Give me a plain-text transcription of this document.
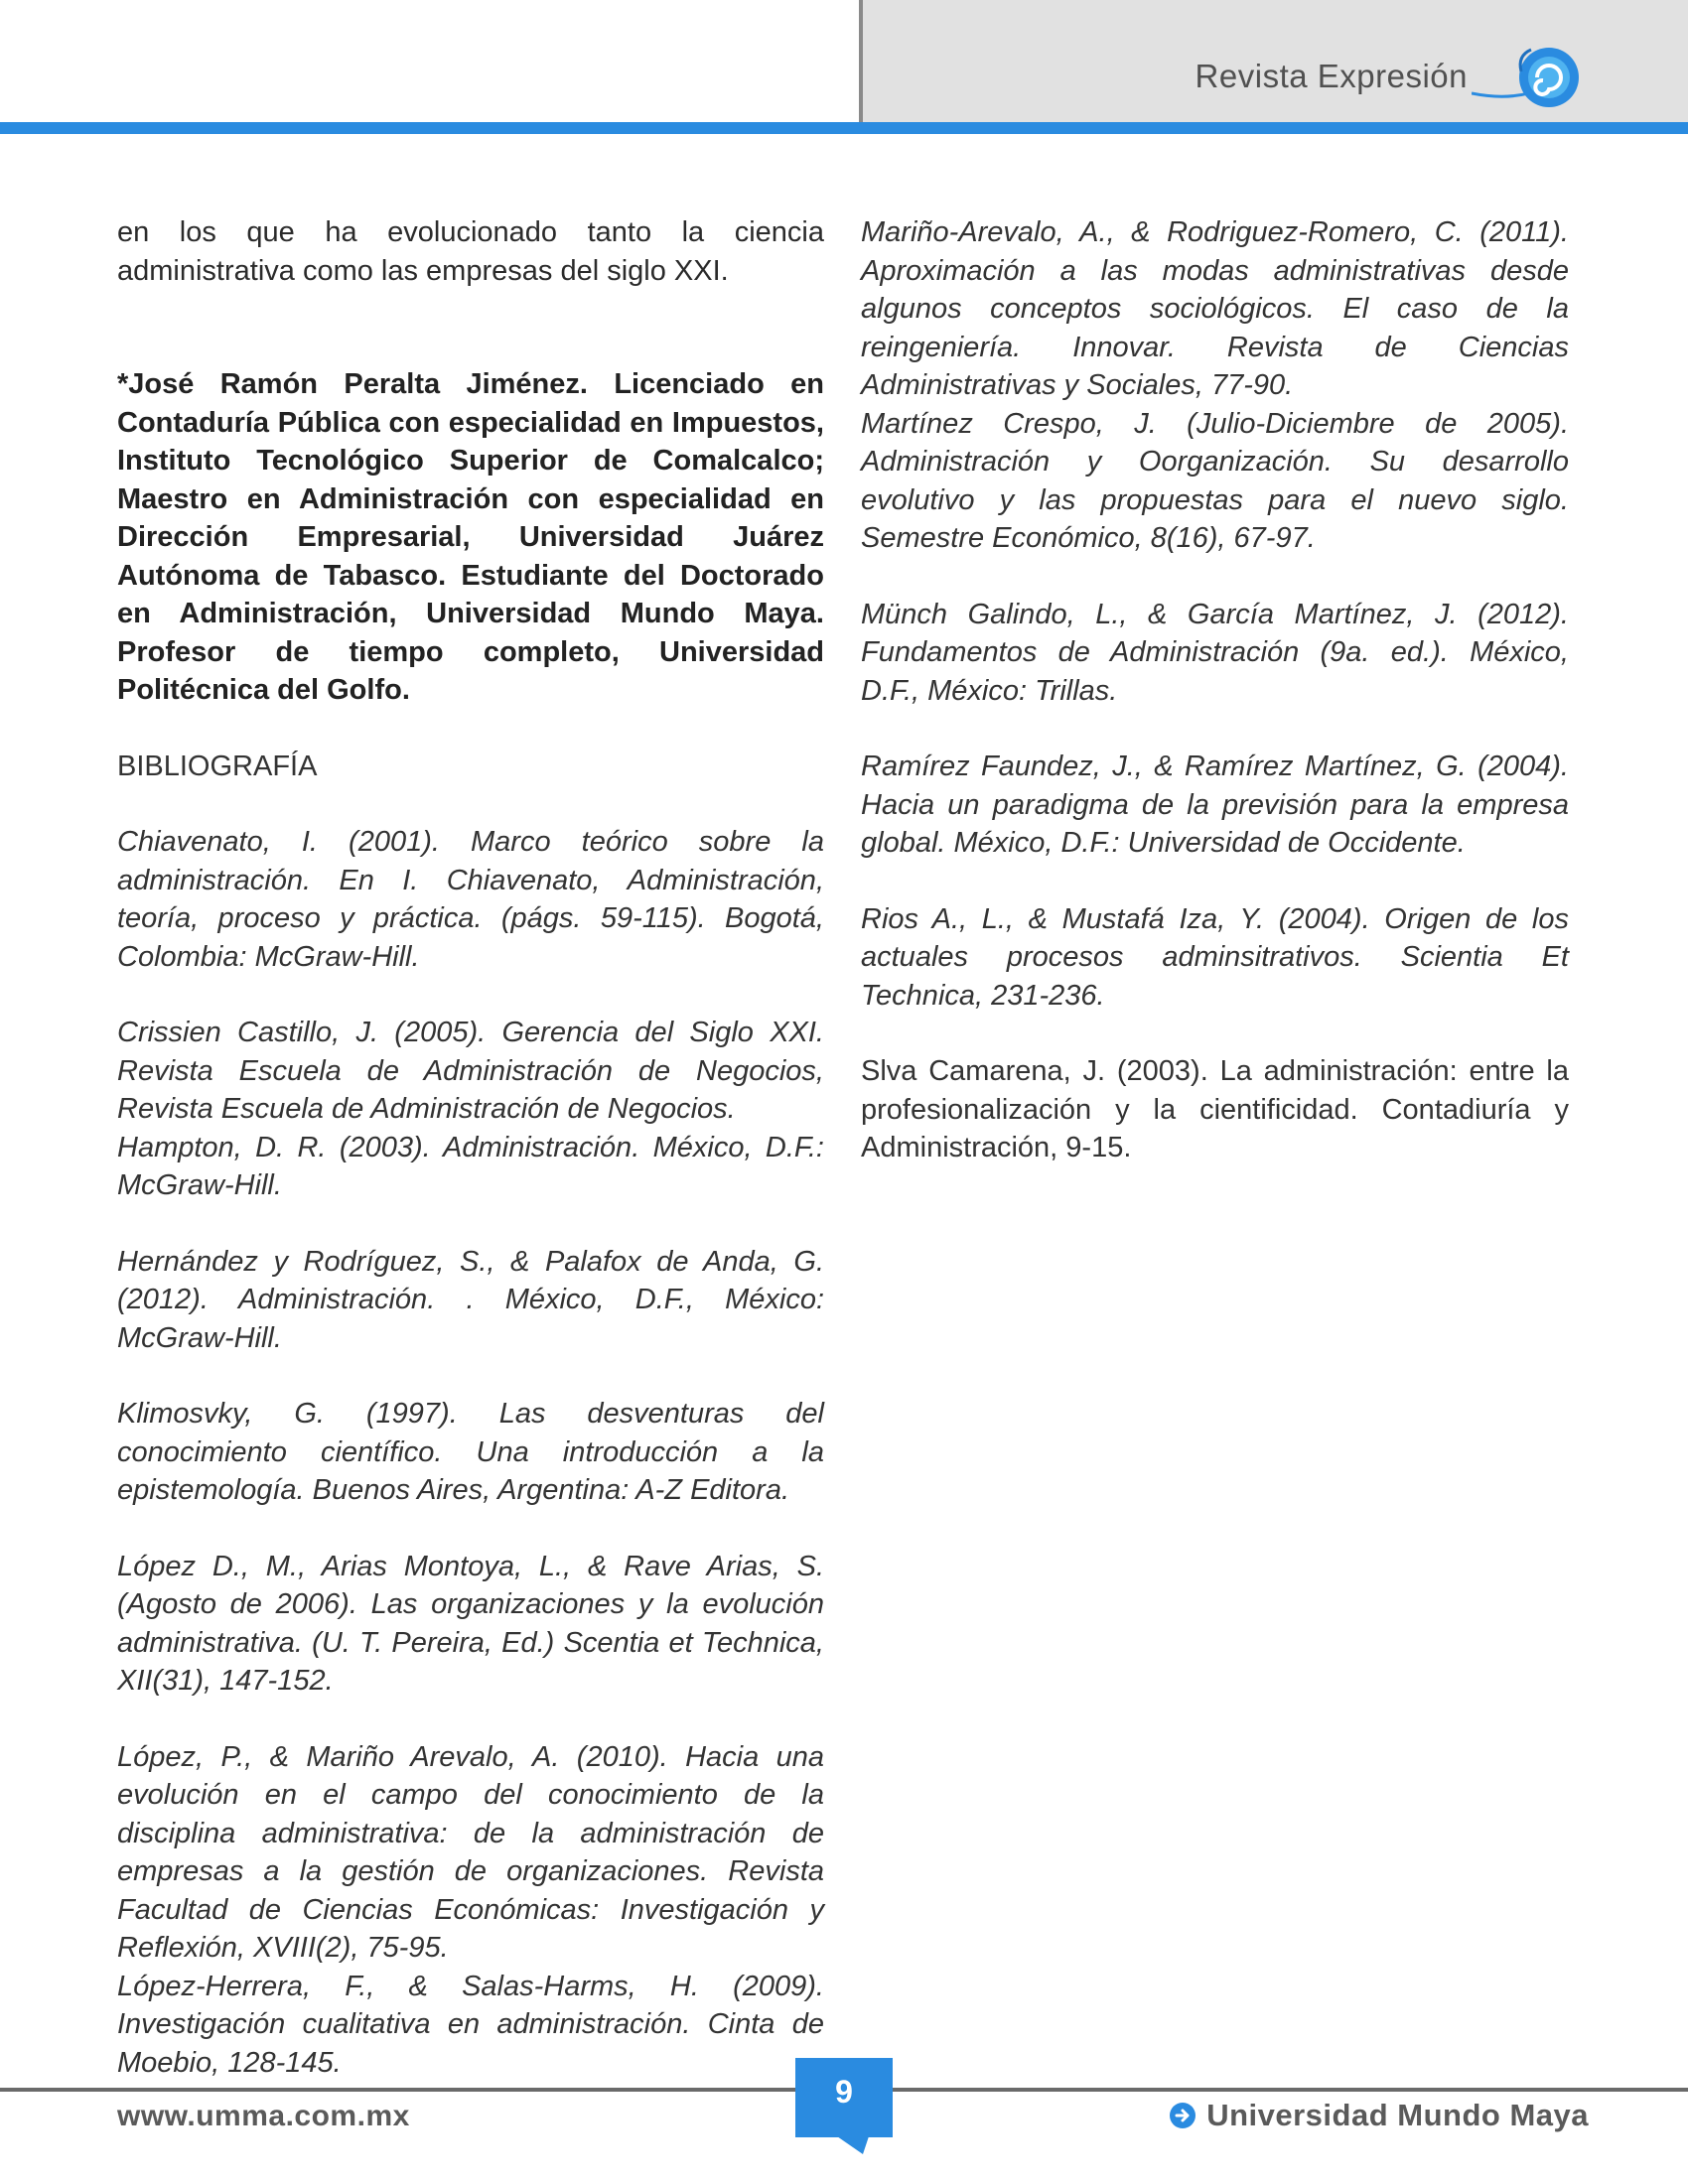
Revista Expresión

en los que ha evolucionado tanto la ciencia administrativa como las empresas del siglo XXI.

*José Ramón Peralta Jiménez. Licenciado en Contaduría Pública con especialidad en Impuestos, Instituto Tecnológico Superior de Comalcalco; Maestro en Administración con especialidad en Dirección Empresarial, Universidad Juárez Autónoma de Tabasco. Estudiante del Doctorado en Administración, Universidad Mundo Maya. Profesor de tiempo completo, Universidad Politécnica del Golfo.

BIBLIOGRAFÍA

Chiavenato, I. (2001). Marco teórico sobre la administración. En I. Chiavenato, Administración, teoría, proceso y práctica. (págs. 59-115). Bogotá, Colombia: McGraw-Hill.

Crissien Castillo, J. (2005). Gerencia del Siglo XXI. Revista Escuela de Administración de Negocios, Revista Escuela de Administración de Negocios.

Hampton, D. R. (2003). Administración. México, D.F.: McGraw-Hill.

Hernández y Rodríguez, S., & Palafox de Anda, G. (2012). Administración. . México, D.F., México: McGraw-Hill.

Klimosvky, G. (1997). Las desventuras del conocimiento científico. Una introducción a la epistemología. Buenos Aires, Argentina: A-Z Editora.

López D., M., Arias Montoya, L., & Rave Arias, S. (Agosto de 2006). Las organizaciones y la evolución administrativa. (U. T. Pereira, Ed.) Scentia et Technica, XII(31), 147-152.

López, P., & Mariño Arevalo, A. (2010). Hacia una evolución en el campo del conocimiento de la disciplina administrativa: de la administración de empresas a la gestión de organizaciones. Revista Facultad de Ciencias Económicas: Investigación y Reflexión, XVIII(2), 75-95.

López-Herrera, F., & Salas-Harms, H. (2009). Investigación cualitativa en administración. Cinta de Moebio, 128-145.

Mariño-Arevalo, A., & Rodriguez-Romero, C. (2011). Aproximación a las modas administrativas desde algunos conceptos sociológicos. El caso de la reingeniería. Innovar. Revista de Ciencias Administrativas y Sociales, 77-90.

Martínez Crespo, J. (Julio-Diciembre de 2005). Administración y Oorganización. Su desarrollo evolutivo y las propuestas para el nuevo siglo. Semestre Económico, 8(16), 67-97.

Münch Galindo, L., & García Martínez, J. (2012). Fundamentos de Administración (9a. ed.). México, D.F., México: Trillas.

Ramírez Faundez, J., & Ramírez Martínez, G. (2004). Hacia un paradigma de la previsión para la empresa global. México, D.F.: Universidad de Occidente.

Rios A., L., & Mustafá Iza, Y. (2004). Origen de los actuales procesos adminsitrativos. Scientia Et Technica, 231-236.

Slva Camarena, J. (2003). La administración: entre la profesionalización y la cientificidad. Contadiuría y Administración, 9-15.

9
www.umma.com.mx	Universidad Mundo Maya
